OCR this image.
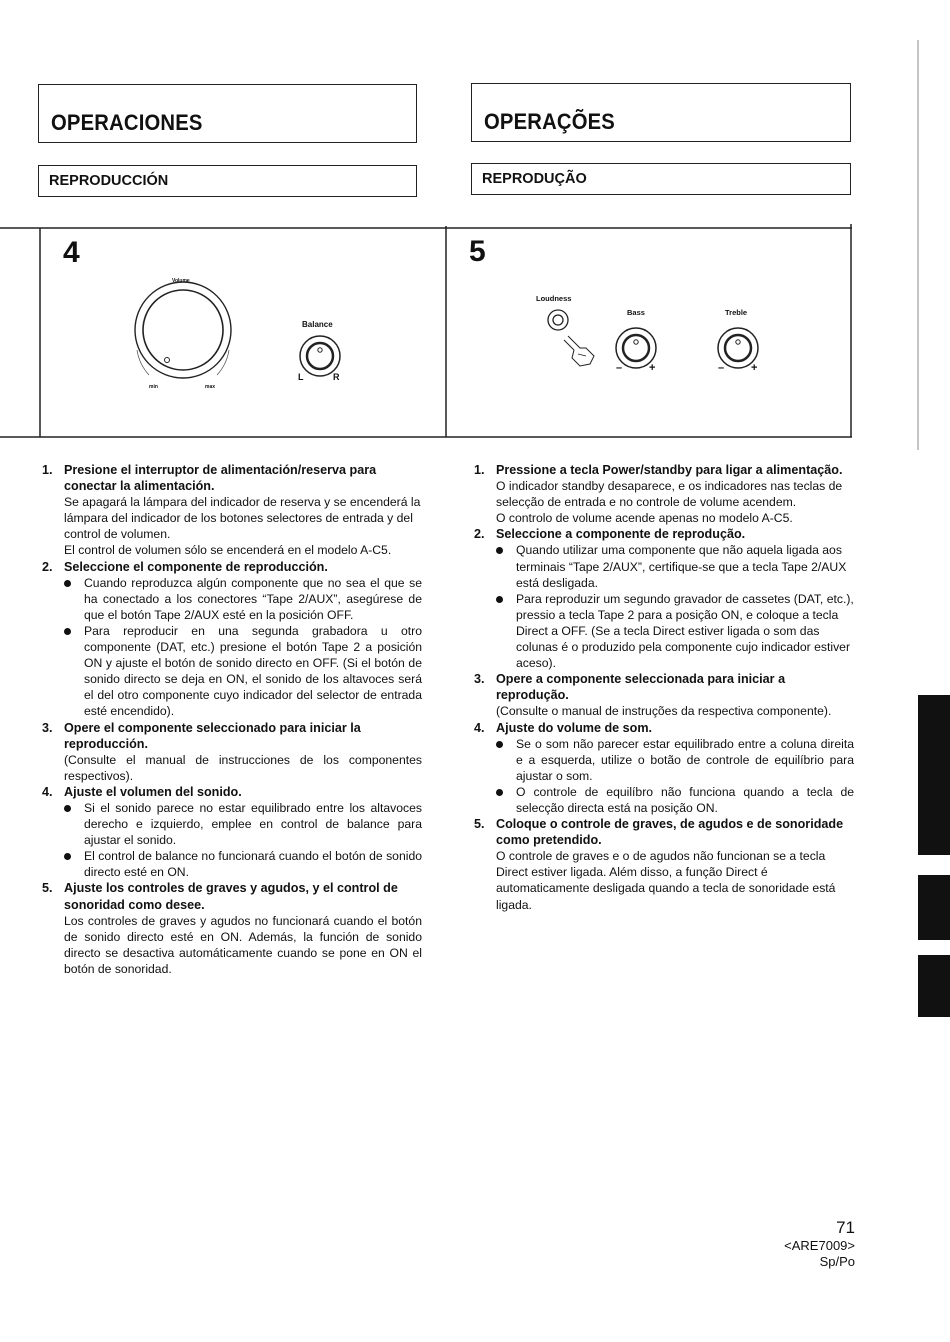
OPERACIONES	OPERAÇÕES
REPRODUCCIÓN	REPRODUÇÃO
4
Volume
min	max
Balance
L	R
5
Loudness
Bass
– +
Treble
– +
1. Presione el interruptor de alimentación/reserva para conectar la alimentación.

Se apagará la lámpara del indicador de reserva y se encenderá la lámpara del indicador de los botones selectores de entrada y del control de volumen.
El control de volumen sólo se encenderá en el modelo A-C5.

2. Seleccione el componente de reproducción.

Cuando reproduzca algún componente que no sea el que se ha conectado a los conectores “Tape 2/AUX”, asegúrese de que el botón Tape 2/AUX esté en la posición OFF.
Para reproducir en una segunda grabadora u otro componente (DAT, etc.) presione el botón Tape 2 a posición ON y ajuste el botón de sonido directo en OFF. (Si el botón de sonido directo se deja en ON, el sonido de los altavoces será el del otro componente cuyo indicador del selector de entrada esté encendido).
3. Opere el componente seleccionado para iniciar la reproducción.

(Consulte el manual de instrucciones de los componentes respectivos).

4. Ajuste el volumen del sonido.

Si el sonido parece no estar equilibrado entre los altavoces derecho e izquierdo, emplee en control de balance para ajustar el sonido.
El control de balance no funcionará cuando el botón de sonido directo esté en ON.
5. Ajuste los controles de graves y agudos, y el control de sonoridad como desee.

Los controles de graves y agudos no funcionará cuando el botón de sonido directo esté en ON. Además, la función de sonido directo se desactiva automáticamente cuando se pone en ON el botón de sonoridad.

1. Pressione a tecla Power/standby para ligar a alimentação.

O indicador standby desaparece, e os indicadores nas teclas de selecção de entrada e no controle de volume acendem.
O controlo de volume acende apenas no modelo A-C5.

2. Seleccione a componente de reprodução.

Quando utilizar uma componente que não aquela ligada aos terminais “Tape 2/AUX”, certifique-se que a tecla Tape 2/AUX está desligada.
Para reproduzir um segundo gravador de cassetes (DAT, etc.), pressio a tecla Tape 2 para a posição ON, e coloque a tecla Direct a OFF. (Se a tecla Direct estiver ligada o som das colunas é o produzido pela componente cujo indicador estiver aceso).
3. Opere a componente seleccionada para iniciar a reprodução.

(Consulte o manual de instruções da respectiva componente).

4. Ajuste do volume de som.

Se o som não parecer estar equilibrado entre a coluna direita e a esquerda, utilize o botão de controle de equilíbrio para ajustar o som.
O controle de equilíbro não funciona quando a tecla de selecção directa está na posição ON.
5. Coloque o controle de graves, de agudos e de sonoridade como pretendido.

O controle de graves e o de agudos não funcionan se a tecla Direct estiver ligada. Além disso, a função Direct é automaticamente desligada quando a tecla de sonoridade está ligada.

71
<ARE7009>
Sp/Po
